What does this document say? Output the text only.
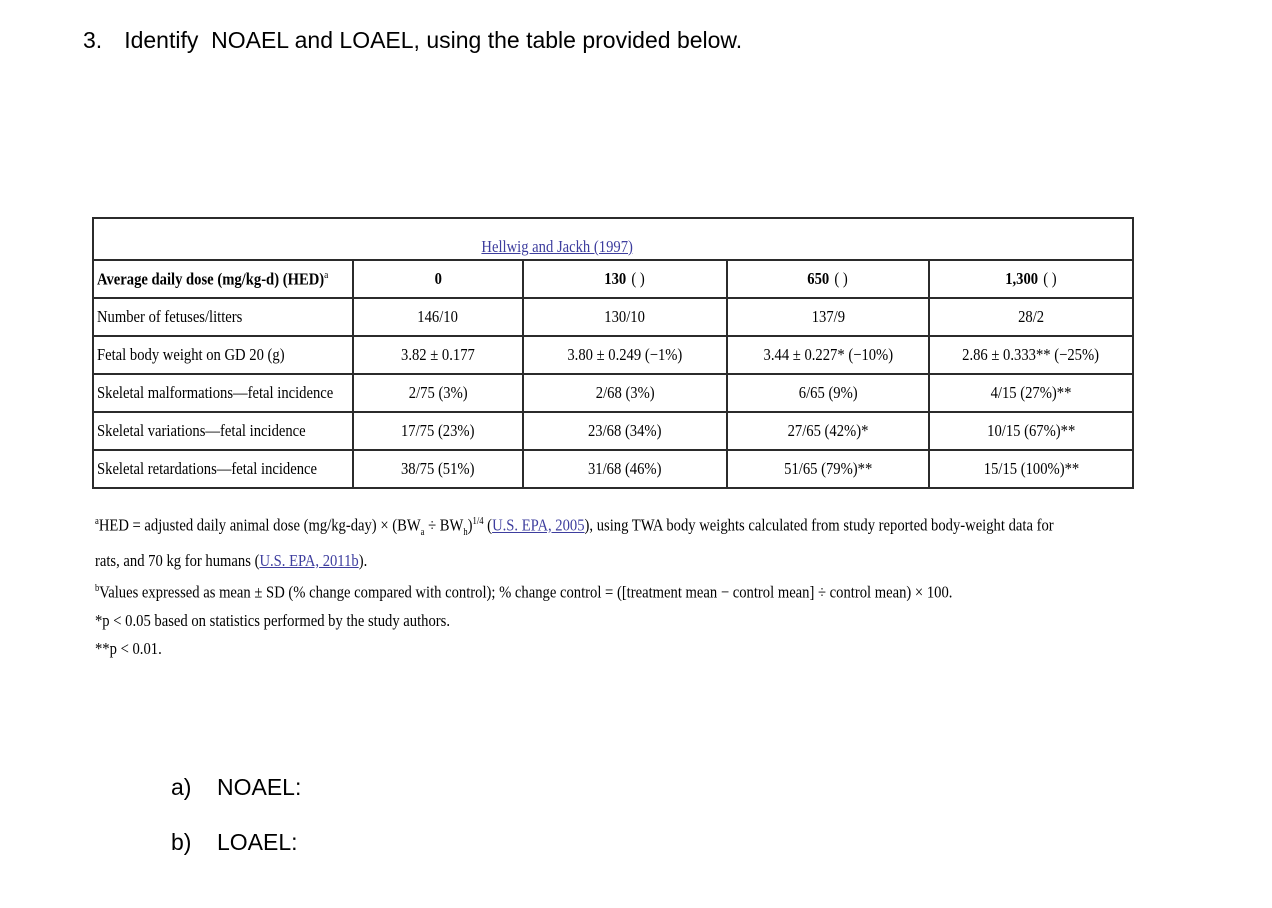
3. Identify  NOAEL and LOAEL, using the table provided below.
Hellwig and Jackh (1997)				
Average daily dose (mg/kg-d) (HED)$^a$	0	130 ( )	650 ( )	1,300 ( )
Number of fetuses/litters	146/10	130/10	137/9	28/2
Fetal body weight on GD 20 (g)	3.82 ± 0.177	3.80 ± 0.249 (−1%)	3.44 ± 0.227* (−10%)	2.86 ± 0.333** (−25%)
Skeletal malformations—fetal incidence	2/75 (3%)	2/68 (3%)	6/65 (9%)	4/15 (27%)**
Skeletal variations—fetal incidence	17/75 (23%)	23/68 (34%)	27/65 (42%)*	10/15 (67%)**
Skeletal retardations—fetal incidence	38/75 (51%)	31/68 (46%)	51/65 (79%)**	15/15 (100%)**
$^a$HED = adjusted daily animal dose $(mg/kg-day) \times (BW_a \div BW_h)^{1/4}$ (U.S. EPA, 2005), using TWA body weights calculated from study reported body-weight data for
rats, and 70 kg for humans (U.S. EPA, 2011b).
$^b$Values expressed as mean ± SD (% change compared with control); % change control = ([treatment mean − control mean] ÷ control mean) × 100.
*p < 0.05 based on statistics performed by the study authors.
**p < 0.01.
a) NOAEL:
b) LOAEL:
